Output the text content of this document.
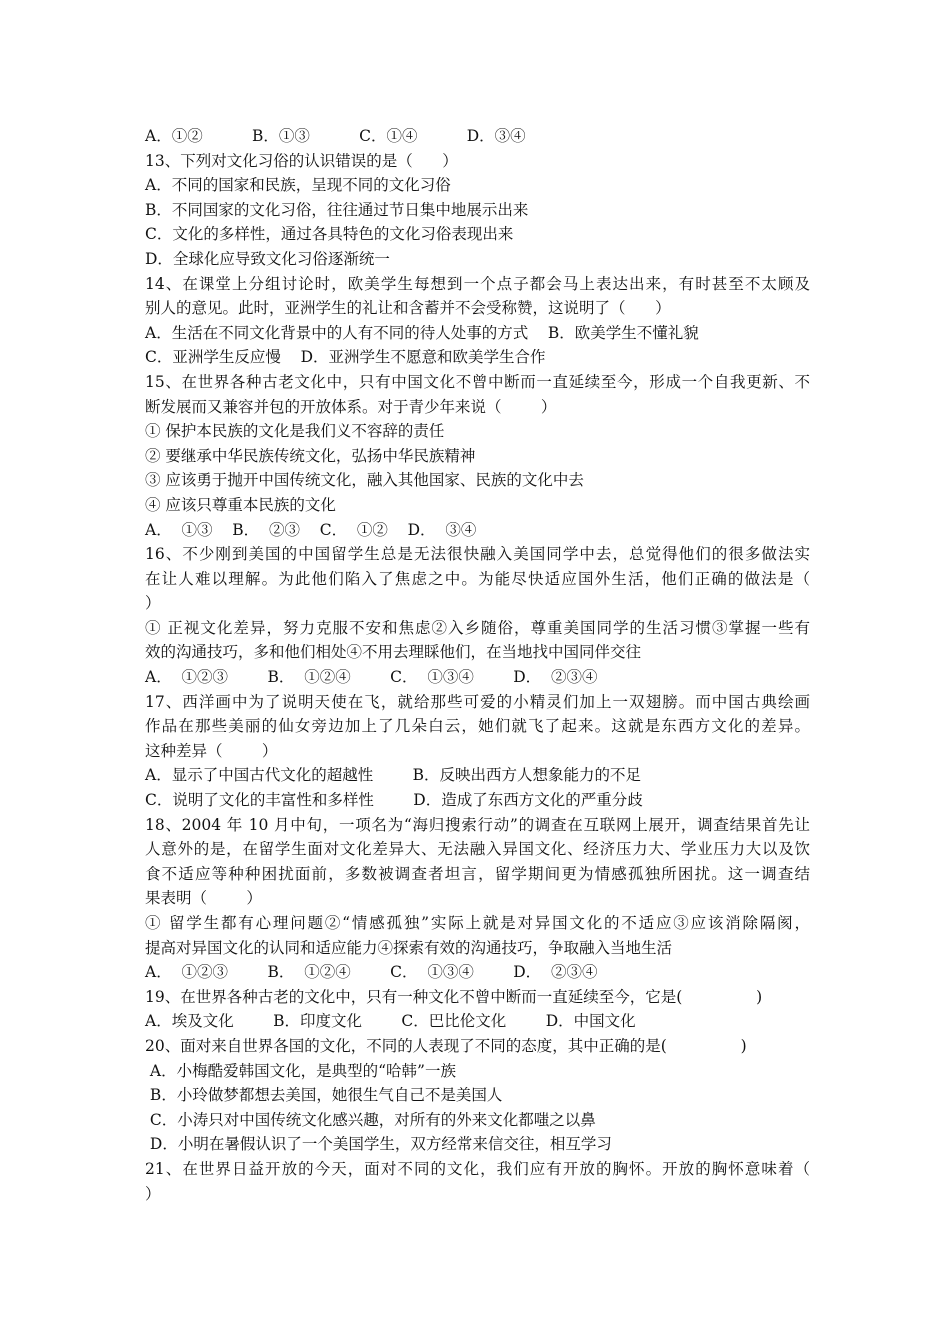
A．①②          B．①③          C．①④          D．③④
13、下列对文化习俗的认识错误的是（      ）
A．不同的国家和民族，呈现不同的文化习俗
B．不同国家的文化习俗，往往通过节日集中地展示出来
C．文化的多样性，通过各具特色的文化习俗表现出来
D．全球化应导致文化习俗逐渐统一
14、在课堂上分组讨论时，欧美学生每想到一个点子都会马上表达出来，有时甚至不太顾及
别人的意见。此时，亚洲学生的礼让和含蓄并不会受称赞，这说明了（      ）
A．生活在不同文化背景中的人有不同的待人处事的方式    B．欧美学生不懂礼貌
C．亚洲学生反应慢    D．亚洲学生不愿意和欧美学生合作
15、在世界各种古老文化中，只有中国文化不曾中断而一直延续至今，形成一个自我更新、不
断发展而又兼容并包的开放体系。对于青少年来说（        ）
① 保护本民族的文化是我们义不容辞的责任
② 要继承中华民族传统文化，弘扬中华民族精神
③ 应该勇于抛开中国传统文化，融入其他国家、民族的文化中去
④ 应该只尊重本民族的文化
A．  ①③    B．  ②③    C．  ①②    D．  ③④
16、不少刚到美国的中国留学生总是无法很快融入美国同学中去，总觉得他们的很多做法实
在让人难以理解。为此他们陷入了焦虑之中。为能尽快适应国外生活，他们正确的做法是（
）
① 正视文化差异，努力克服不安和焦虑②入乡随俗，尊重美国同学的生活习惯③掌握一些有
效的沟通技巧，多和他们相处④不用去理睬他们，在当地找中国同伴交往
A．  ①②③        B．  ①②④        C．  ①③④        D．  ②③④
17、西洋画中为了说明天使在飞，就给那些可爱的小精灵们加上一双翅膀。而中国古典绘画
作品在那些美丽的仙女旁边加上了几朵白云，她们就飞了起来。这就是东西方文化的差异。
这种差异（        ）
A．显示了中国古代文化的超越性        B．反映出西方人想象能力的不足
C．说明了文化的丰富性和多样性        D．造成了东西方文化的严重分歧
18、2004 年 10 月中旬，一项名为“海归搜索行动”的调查在互联网上展开，调查结果首先让
人意外的是，在留学生面对文化差异大、无法融入异国文化、经济压力大、学业压力大以及饮
食不适应等种种困扰面前，多数被调查者坦言，留学期间更为情感孤独所困扰。这一调查结
果表明（        ）
① 留学生都有心理问题②“情感孤独”实际上就是对异国文化的不适应③应该消除隔阂，
提高对异国文化的认同和适应能力④探索有效的沟通技巧，争取融入当地生活
A．  ①②③        B．  ①②④        C．  ①③④        D．  ②③④
19、在世界各种古老的文化中，只有一种文化不曾中断而一直延续至今，它是(               )
A．埃及文化        B．印度文化        C．巴比伦文化        D．中国文化
20、面对来自世界各国的文化，不同的人表现了不同的态度，其中正确的是(               )
A．小梅酷爱韩国文化，是典型的“哈韩”一族
B．小玲做梦都想去美国，她很生气自己不是美国人
C．小涛只对中国传统文化感兴趣，对所有的外来文化都嗤之以鼻
D．小明在暑假认识了一个美国学生，双方经常来信交往，相互学习
21、在世界日益开放的今天，面对不同的文化，我们应有开放的胸怀。开放的胸怀意味着（
）
